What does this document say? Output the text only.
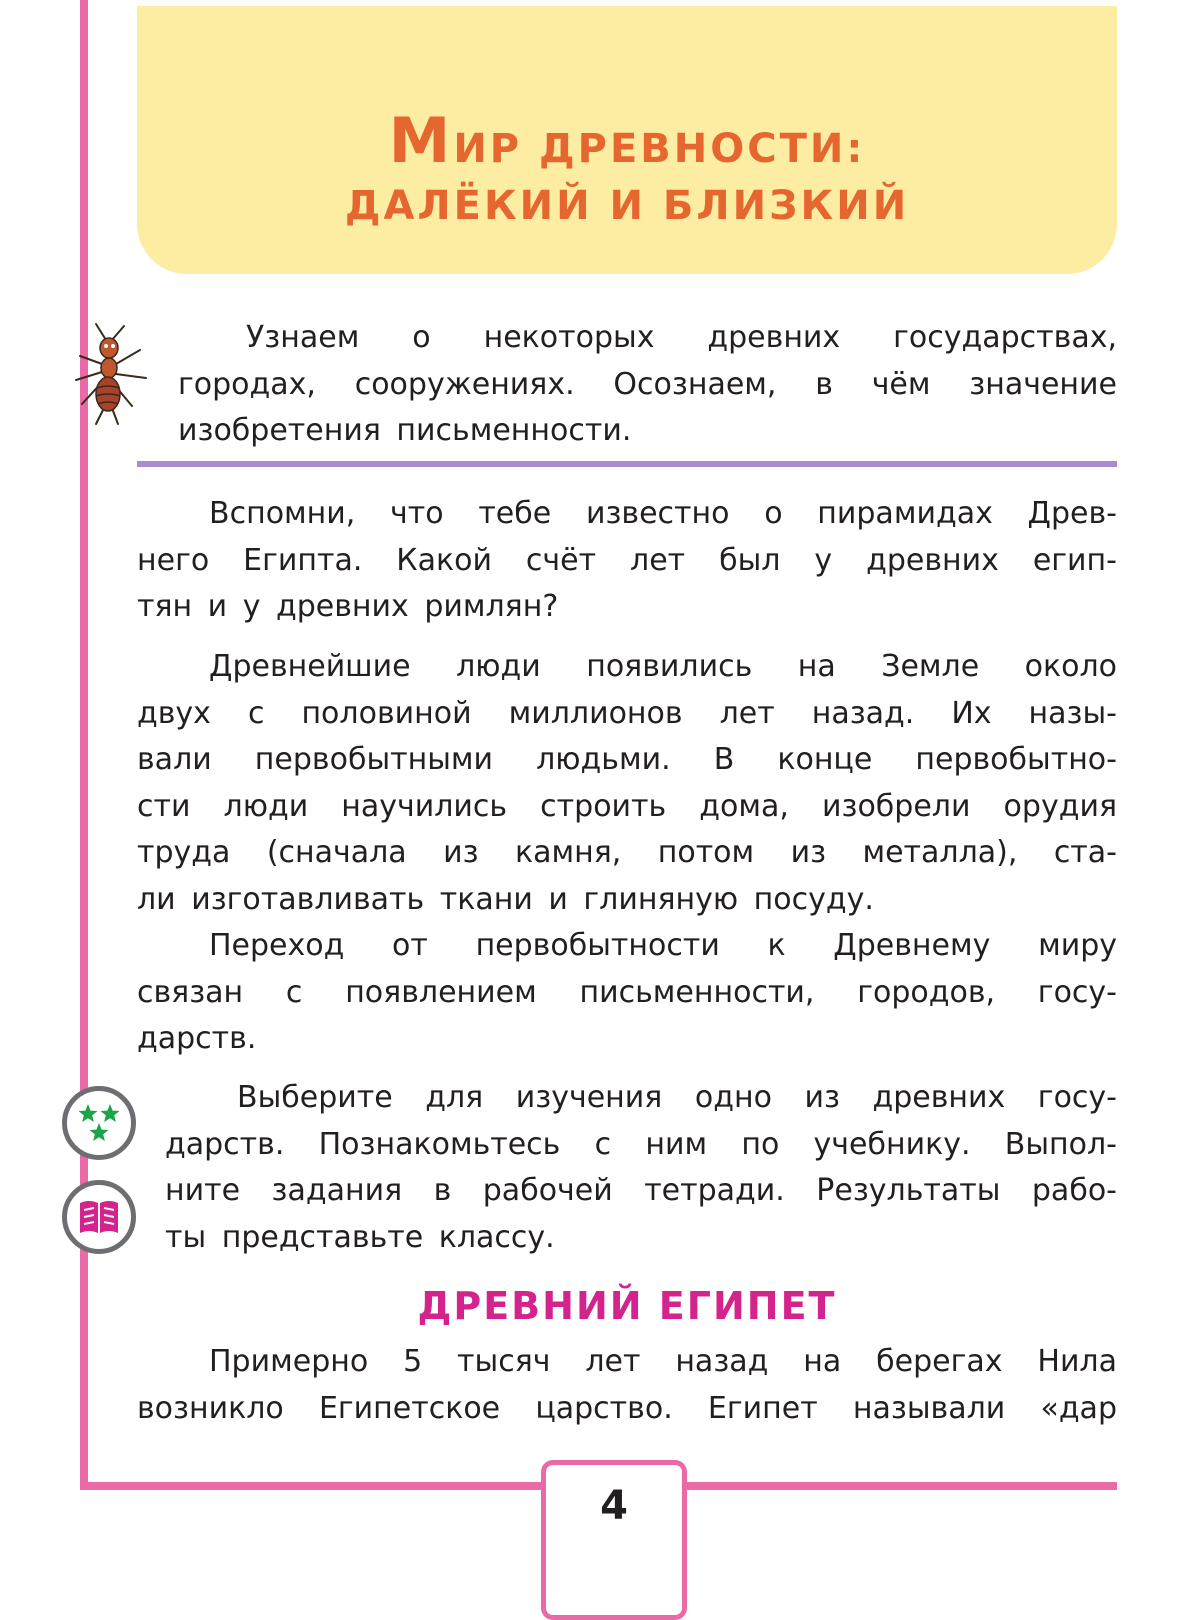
МИР ДРЕВНОСТИ:
ДАЛЁКИЙ И БЛИЗКИЙ

Узнаем о некоторых древних государствах,

городах, сооружениях. Осознаем, в чём значение

изобретения письменности.

Вспомни, что тебе известно о пирамидах Древ-

него Египта. Какой счёт лет был у древних егип-

тян и у древних римлян?

Древнейшие люди появились на Земле около

двух с половиной миллионов лет назад. Их назы-

вали первобытными людьми. В конце первобытно-

сти люди научились строить дома, изобрели орудия

труда (сначала из камня, потом из металла), ста-

ли изготавливать ткани и глиняную посуду.

Переход от первобытности к Древнему миру

связан с появлением письменности, городов, госу-

дарств.

Выберите для изучения одно из древних госу-

дарств. Познакомьтесь с ним по учебнику. Выпол-

ните задания в рабочей тетради. Результаты рабо-

ты представьте классу.

ДРЕВНИЙ ЕГИПЕТ

Примерно 5 тысяч лет назад на берегах Нила

возникло Египетское царство. Египет называли «дар

4
